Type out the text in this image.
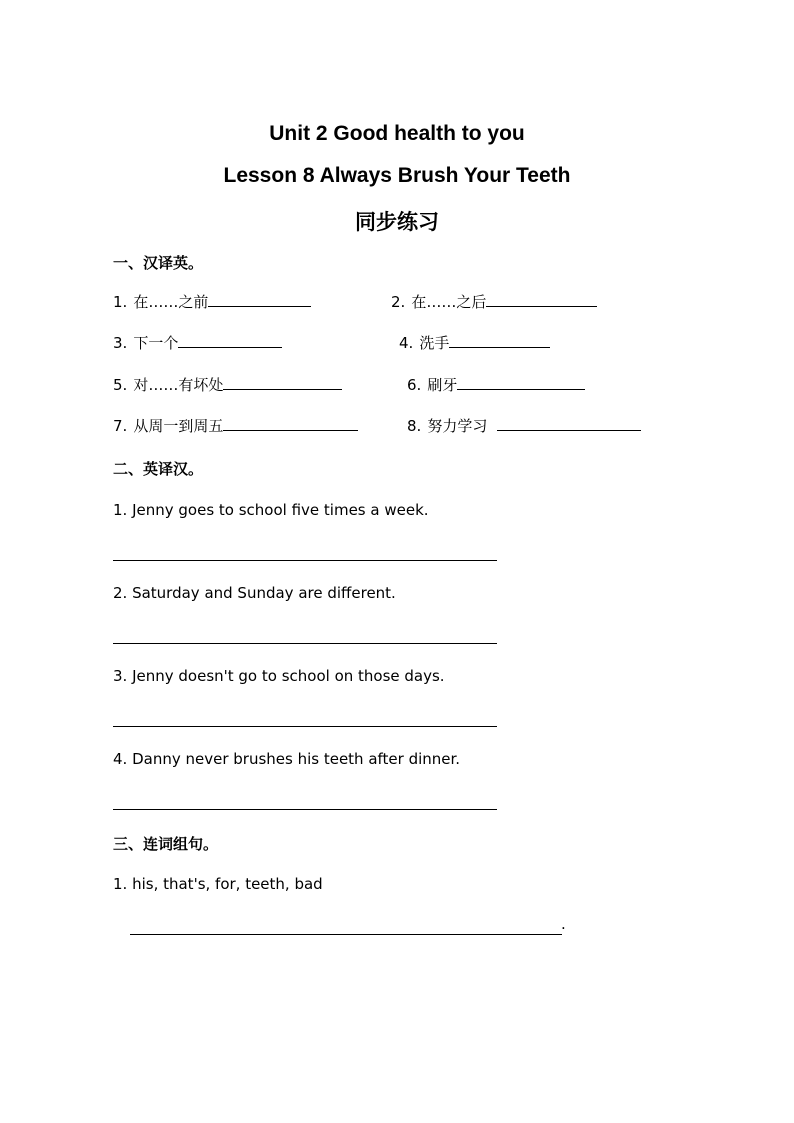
Unit 2 Good health to you
Lesson 8 Always Brush Your Teeth
同步练习
一、汉译英。
1. 在……之前	2. 在……之后
3. 下一个	4. 洗手
5. 对……有坏处	6. 刷牙
7. 从周一到周五	8. 努力学习
二、英译汉。
1. Jenny goes to school five times a week.
2. Saturday and Sunday are different.
3. Jenny doesn't go to school on those days.
4. Danny never brushes his teeth after dinner.
三、连词组句。
1. his, that's, for, teeth, bad
.
